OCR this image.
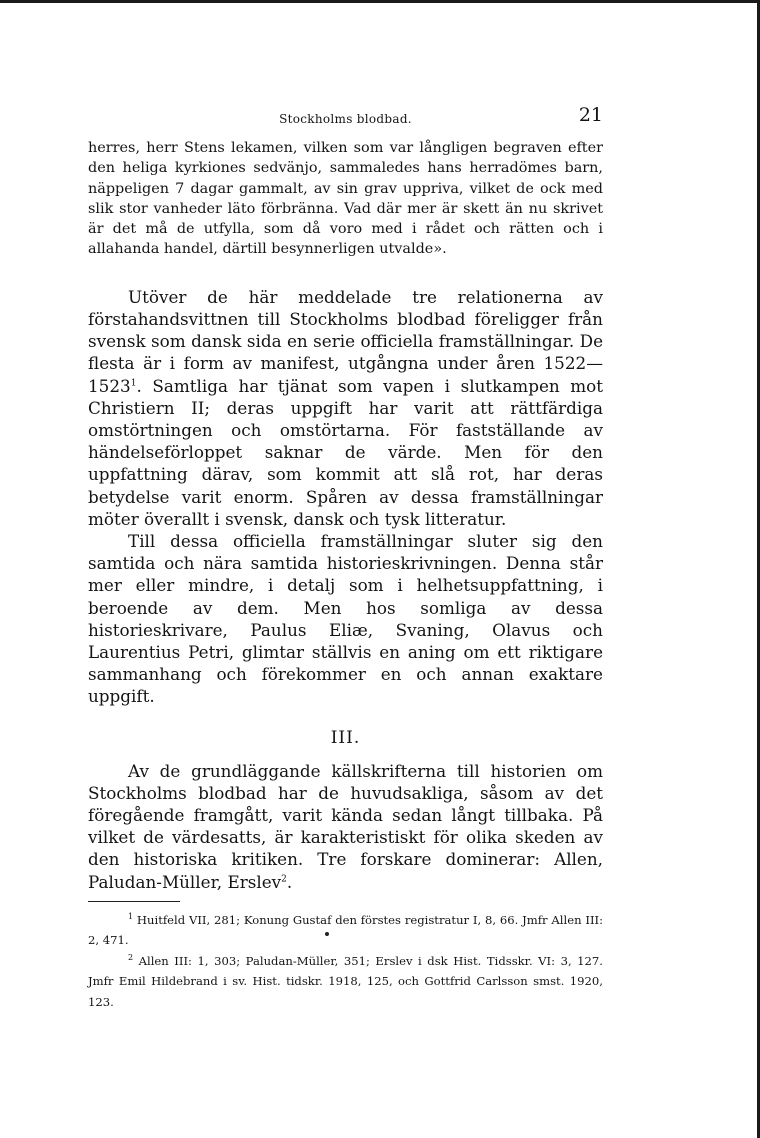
Stockholms blodbad.	21

herres, herr Stens lekamen, vilken som var långligen begraven efter den heliga kyrkiones sedvänjo, sammaledes hans herradömes barn, näppeligen 7 dagar gammalt, av sin grav uppriva, vilket de ock med slik stor vanheder läto förbränna. Vad där mer är skett än nu skrivet är det må de utfylla, som då voro med i rådet och rätten och i allahanda handel, därtill besynnerligen utvalde».

Utöver de här meddelade tre relationerna av förstahandsvittnen till Stockholms blodbad föreligger från svensk som dansk sida en serie officiella framställningar. De flesta är i form av manifest, utgångna under åren 1522—1523$^1$. Samtliga har tjänat som vapen i slutkampen mot Christiern II; deras uppgift har varit att rättfärdiga omstörtningen och omstörtarna. För fastställande av händelseförloppet saknar de värde. Men för den uppfattning därav, som kommit att slå rot, har deras betydelse varit enorm. Spåren av dessa framställningar möter överallt i svensk, dansk och tysk litteratur.

Till dessa officiella framställningar sluter sig den samtida och nära samtida historieskrivningen. Denna står mer eller mindre, i detalj som i helhetsuppfattning, i beroende av dem. Men hos somliga av dessa historieskrivare, Paulus Eliæ, Svaning, Olavus och Laurentius Petri, glimtar ställvis en aning om ett riktigare sammanhang och förekommer en och annan exaktare uppgift.

III.

Av de grundläggande källskrifterna till historien om Stockholms blodbad har de huvudsakliga, såsom av det föregående framgått, varit kända sedan långt tillbaka. På vilket de värdesatts, är karakteristiskt för olika skeden av den historiska kritiken. Tre forskare dominerar: Allen, Paludan-Müller, Erslev$^2$.

$^1$ Huitfeld VII, 281; Konung Gustaf den förstes registratur I, 8, 66. Jmfr Allen III: 2, 471.

$^2$ Allen III: 1, 303; Paludan-Müller, 351; Erslev i dsk Hist. Tidsskr. VI: 3, 127. Jmfr Emil Hildebrand i sv. Hist. tidskr. 1918, 125, och Gottfrid Carlsson smst. 1920, 123.
